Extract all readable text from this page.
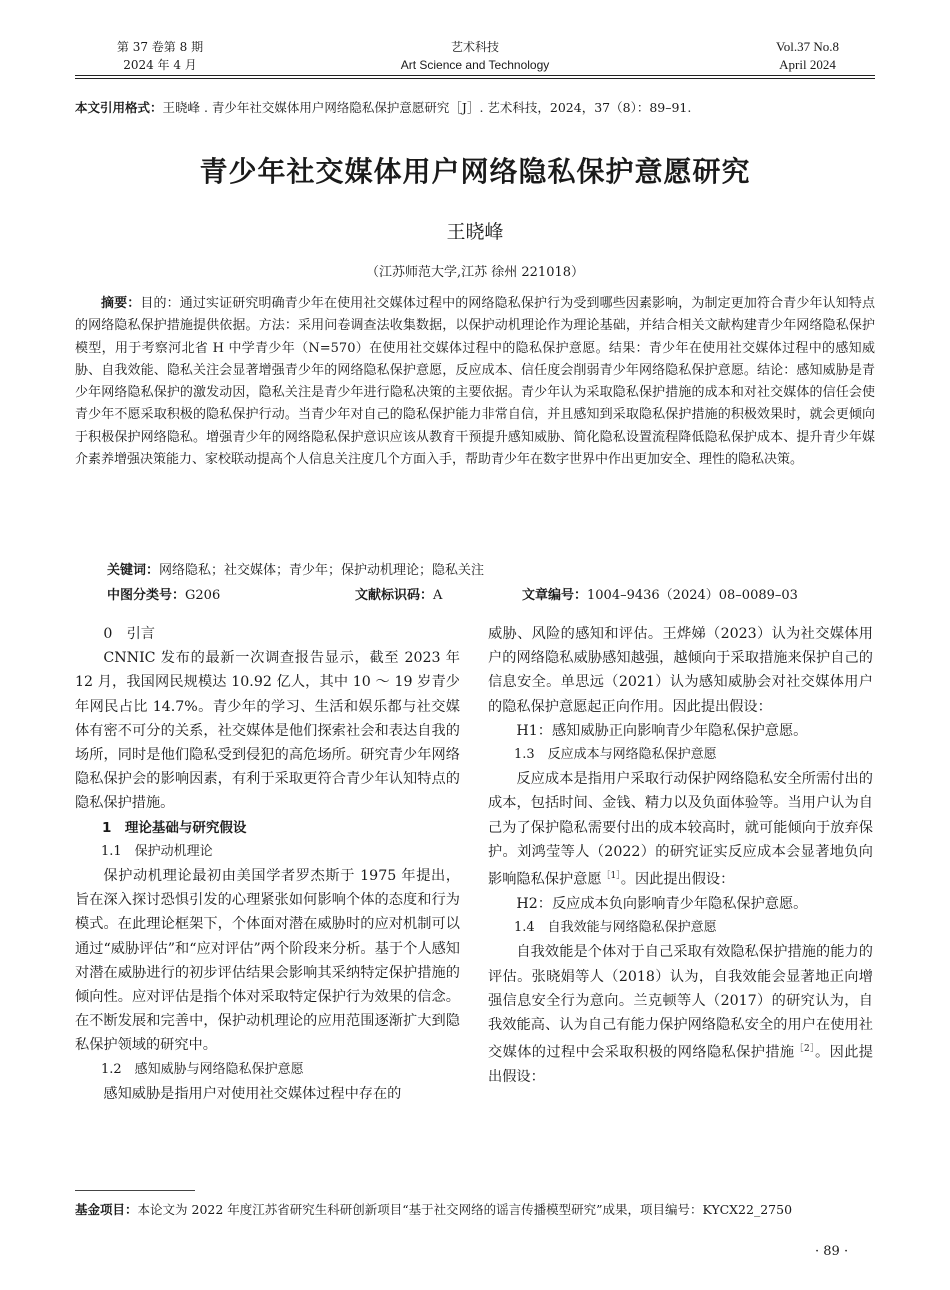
第 37 卷第 8 期
2024 年 4 月
艺术科技
Art Science and Technology
Vol.37 No.8
April 2024
本文引用格式：王晓峰 . 青少年社交媒体用户网络隐私保护意愿研究［J］. 艺术科技，2024，37（8）：89–91.
青少年社交媒体用户网络隐私保护意愿研究
王晓峰
（江苏师范大学,江苏 徐州 221018）
摘要：目的：通过实证研究明确青少年在使用社交媒体过程中的网络隐私保护行为受到哪些因素影响，为制定更加符合青少年认知特点的网络隐私保护措施提供依据。方法：采用问卷调查法收集数据，以保护动机理论作为理论基础，并结合相关文献构建青少年网络隐私保护模型，用于考察河北省 H 中学青少年（N=570）在使用社交媒体过程中的隐私保护意愿。结果：青少年在使用社交媒体过程中的感知威胁、自我效能、隐私关注会显著增强青少年的网络隐私保护意愿，反应成本、信任度会削弱青少年网络隐私保护意愿。结论：感知威胁是青少年网络隐私保护的激发动因，隐私关注是青少年进行隐私决策的主要依据。青少年认为采取隐私保护措施的成本和对社交媒体的信任会使青少年不愿采取积极的隐私保护行动。当青少年对自己的隐私保护能力非常自信，并且感知到采取隐私保护措施的积极效果时，就会更倾向于积极保护网络隐私。增强青少年的网络隐私保护意识应该从教育干预提升感知威胁、简化隐私设置流程降低隐私保护成本、提升青少年媒介素养增强决策能力、家校联动提高个人信息关注度几个方面入手，帮助青少年在数字世界中作出更加安全、理性的隐私决策。
关键词：网络隐私；社交媒体；青少年；保护动机理论；隐私关注
中图分类号：G206	文献标识码：A	文章编号：1004–9436（2024）08–0089–03

0　引言

CNNIC 发布的最新一次调查报告显示，截至 2023 年 12 月，我国网民规模达 10.92 亿人，其中 10 ～ 19 岁青少年网民占比 14.7%。青少年的学习、生活和娱乐都与社交媒体有密不可分的关系，社交媒体是他们探索社会和表达自我的场所，同时是他们隐私受到侵犯的高危场所。研究青少年网络隐私保护会的影响因素，有利于采取更符合青少年认知特点的隐私保护措施。

1　理论基础与研究假设

1.1　保护动机理论

保护动机理论最初由美国学者罗杰斯于 1975 年提出，旨在深入探讨恐惧引发的心理紧张如何影响个体的态度和行为模式。在此理论框架下，个体面对潜在威胁时的应对机制可以通过“威胁评估”和“应对评估”两个阶段来分析。基于个人感知对潜在威胁进行的初步评估结果会影响其采纳特定保护措施的倾向性。应对评估是指个体对采取特定保护行为效果的信念。在不断发展和完善中，保护动机理论的应用范围逐渐扩大到隐私保护领域的研究中。

1.2　感知威胁与网络隐私保护意愿

感知威胁是指用户对使用社交媒体过程中存在的

威胁、风险的感知和评估。王烨娣（2023）认为社交媒体用户的网络隐私威胁感知越强，越倾向于采取措施来保护自己的信息安全。单思远（2021）认为感知威胁会对社交媒体用户的隐私保护意愿起正向作用。因此提出假设：

H1：感知威胁正向影响青少年隐私保护意愿。

1.3　反应成本与网络隐私保护意愿

反应成本是指用户采取行动保护网络隐私安全所需付出的成本，包括时间、金钱、精力以及负面体验等。当用户认为自己为了保护隐私需要付出的成本较高时，就可能倾向于放弃保护。刘鸿莹等人（2022）的研究证实反应成本会显著地负向影响隐私保护意愿$^{[1]}$。因此提出假设：

H2：反应成本负向影响青少年隐私保护意愿。

1.4　自我效能与网络隐私保护意愿

自我效能是个体对于自己采取有效隐私保护措施的能力的评估。张晓娟等人（2018）认为，自我效能会显著地正向增强信息安全行为意向。兰克顿等人（2017）的研究认为，自我效能高、认为自己有能力保护网络隐私安全的用户在使用社交媒体的过程中会采取积极的网络隐私保护措施$^{[2]}$。因此提出假设：

基金项目：本论文为 2022 年度江苏省研究生科研创新项目“基于社交网络的谣言传播模型研究”成果，项目编号：KYCX22_2750
· 89 ·
